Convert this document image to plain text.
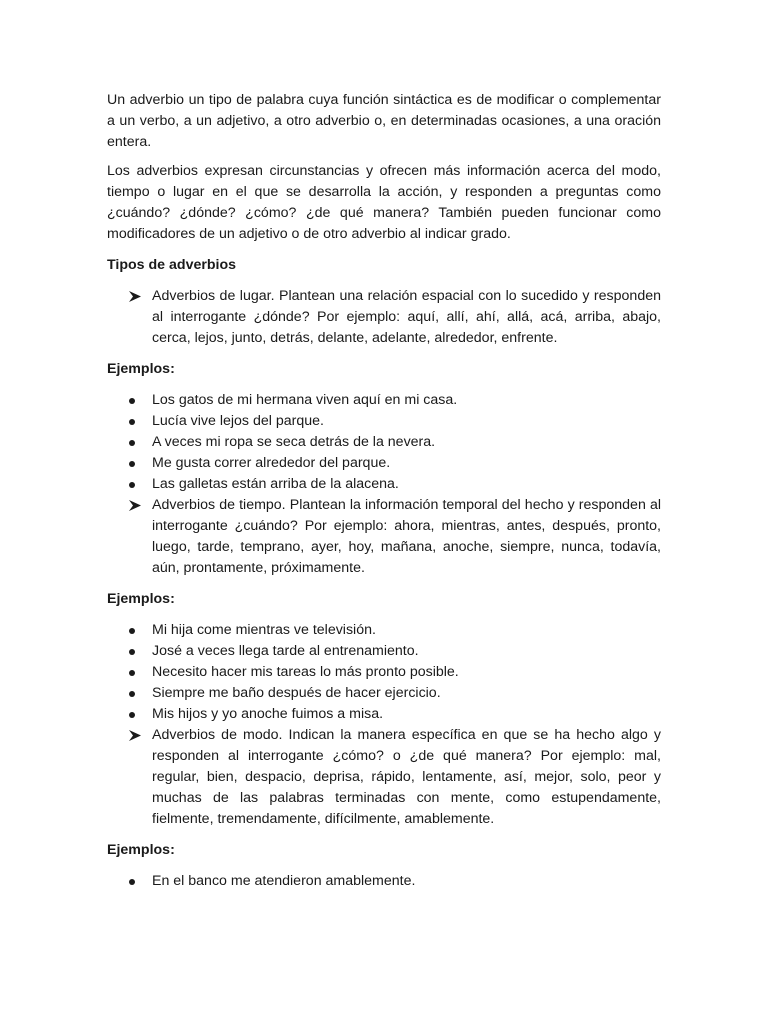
Un adverbio un tipo de palabra cuya función sintáctica es de modificar o complementar a un verbo, a un adjetivo, a otro adverbio o, en determinadas ocasiones, a una oración entera.

Los adverbios expresan circunstancias y ofrecen más información acerca del modo, tiempo o lugar en el que se desarrolla la acción, y responden a preguntas como ¿cuándo? ¿dónde? ¿cómo? ¿de qué manera? También pueden funcionar como modificadores de un adjetivo o de otro adverbio al indicar grado.

Tipos de adverbios
Adverbios de lugar. Plantean una relación espacial con lo sucedido y responden al interrogante ¿dónde? Por ejemplo: aquí, allí, ahí, allá, acá, arriba, abajo, cerca, lejos, junto, detrás, delante, adelante, alrededor, enfrente.
Ejemplos:
Los gatos de mi hermana viven aquí en mi casa.
Lucía vive lejos del parque.
A veces mi ropa se seca detrás de la nevera.
Me gusta correr alrededor del parque.
Las galletas están arriba de la alacena.
Adverbios de tiempo. Plantean la información temporal del hecho y responden al interrogante ¿cuándo? Por ejemplo: ahora, mientras, antes, después, pronto, luego, tarde, temprano, ayer, hoy, mañana, anoche, siempre, nunca, todavía, aún, prontamente, próximamente.
Ejemplos:
Mi hija come mientras ve televisión.
José a veces llega tarde al entrenamiento.
Necesito hacer mis tareas lo más pronto posible.
Siempre me baño después de hacer ejercicio.
Mis hijos y yo anoche fuimos a misa.
Adverbios de modo. Indican la manera específica en que se ha hecho algo y responden al interrogante ¿cómo? o ¿de qué manera? Por ejemplo: mal, regular, bien, despacio, deprisa, rápido, lentamente, así, mejor, solo, peor y muchas de las palabras terminadas con mente, como estupendamente, fielmente, tremendamente, difícilmente, amablemente.
Ejemplos:
En el banco me atendieron amablemente.
